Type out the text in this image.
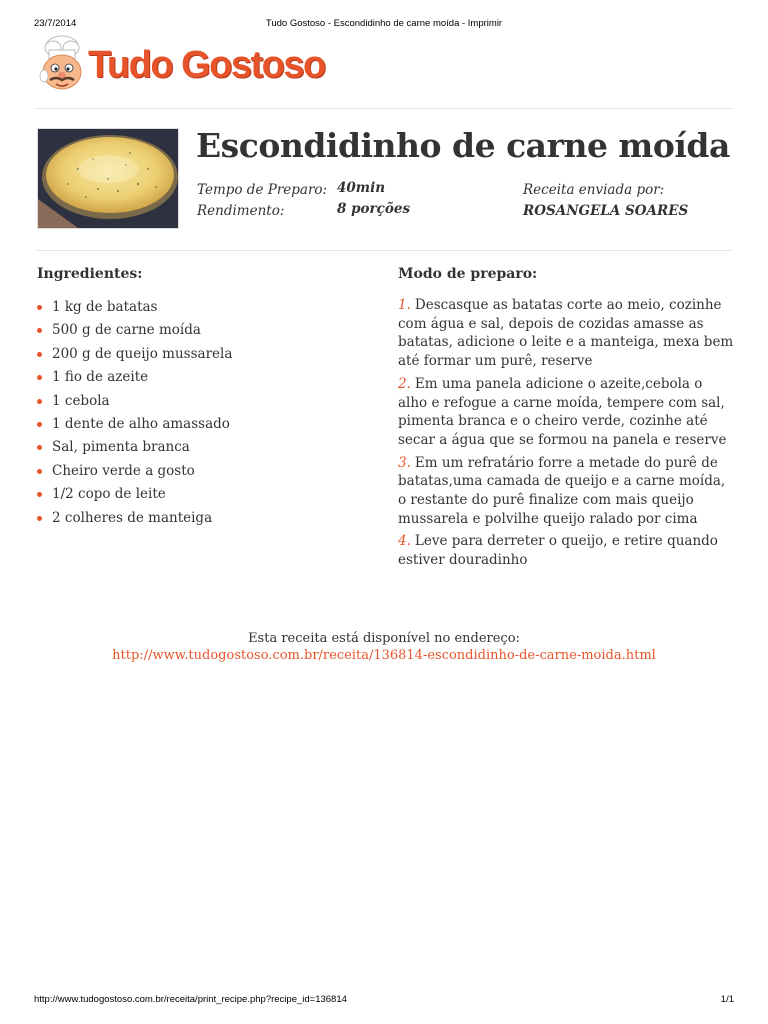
23/7/2014	Tudo Gostoso - Escondidinho de carne moída - Imprimir
Tudo Gostoso
Escondidinho de carne moída
Tempo de Preparo: 40min
Rendimento:	8 porções
Receita enviada por:
ROSANGELA SOARES
Ingredientes:
1 kg de batatas
500 g de carne moída
200 g de queijo mussarela
1 fio de azeite
1 cebola
1 dente de alho amassado
Sal, pimenta branca
Cheiro verde a gosto
1/2 copo de leite
2 colheres de manteiga
Modo de preparo:
1. Descasque as batatas corte ao meio, cozinhe com água e sal, depois de cozidas amasse as batatas, adicione o leite e a manteiga, mexa bem até formar um purê, reserve
2. Em uma panela adicione o azeite,cebola o alho e refogue a carne moída, tempere com sal, pimenta branca e o cheiro verde, cozinhe até secar a água que se formou na panela e reserve
3. Em um refratário forre a metade do purê de batatas,uma camada de queijo e a carne moída, o restante do purê finalize com mais queijo mussarela e polvilhe queijo ralado por cima
4. Leve para derreter o queijo, e retire quando estiver douradinho
Esta receita está disponível no endereço:
http://www.tudogostoso.com.br/receita/136814-escondidinho-de-carne-moida.html
http://www.tudogostoso.com.br/receita/print_recipe.php?recipe_id=136814	1/1
